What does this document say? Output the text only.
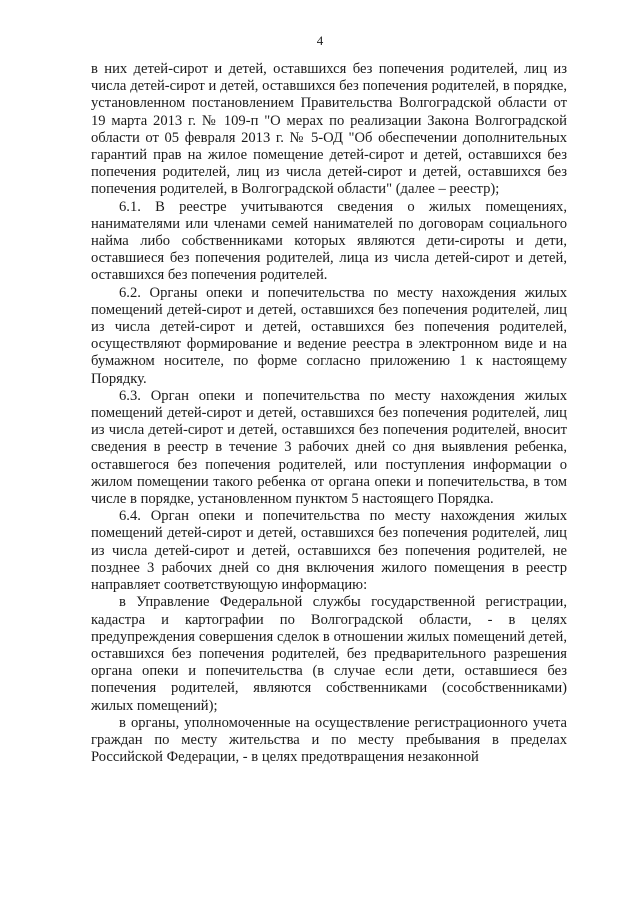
4

в них детей-сирот и детей, оставшихся без попечения родителей, лиц из числа детей-сирот и детей, оставшихся без попечения родителей, в порядке, установленном постановлением Правительства Волгоградской области от 19 марта 2013 г. № 109-п "О мерах по реализации Закона Волгоградской области от 05 февраля 2013 г. № 5-ОД "Об обеспечении дополнительных гарантий прав на жилое помещение детей-сирот и детей, оставшихся без попечения родителей, лиц из числа детей-сирот и детей, оставшихся без попечения родителей, в Волгоградской области" (далее – реестр);

6.1. В реестре учитываются сведения о жилых помещениях, нанимателями или членами семей нанимателей по договорам социального найма либо собственниками которых являются дети-сироты и дети, оставшиеся без попечения родителей, лица из числа детей-сирот и детей, оставшихся без попечения родителей.

6.2. Органы опеки и попечительства по месту нахождения жилых помещений детей-сирот и детей, оставшихся без попечения родителей, лиц из числа детей-сирот и детей, оставшихся без попечения родителей, осуществляют формирование и ведение реестра в электронном виде и на бумажном носителе, по форме согласно приложению 1 к настоящему Порядку.

6.3. Орган опеки и попечительства по месту нахождения жилых помещений детей-сирот и детей, оставшихся без попечения родителей, лиц из числа детей-сирот и детей, оставшихся без попечения родителей, вносит сведения в реестр в течение 3 рабочих дней со дня выявления ребенка, оставшегося без попечения родителей, или поступления информации о жилом помещении такого ребенка от органа опеки и попечительства, в том числе в порядке, установленном пунктом 5 настоящего Порядка.

6.4. Орган опеки и попечительства по месту нахождения жилых помещений детей-сирот и детей, оставшихся без попечения родителей, лиц из числа детей-сирот и детей, оставшихся без попечения родителей, не позднее 3 рабочих дней со дня включения жилого помещения в реестр направляет соответствующую информацию:

в Управление Федеральной службы государственной регистрации, кадастра и картографии по Волгоградской области, - в целях предупреждения совершения сделок в отношении жилых помещений детей, оставшихся без попечения родителей, без предварительного разрешения органа опеки и попечительства (в случае если дети, оставшиеся без попечения родителей, являются собственниками (сособственниками) жилых помещений);

в органы, уполномоченные на осуществление регистрационного учета граждан по месту жительства и по месту пребывания в пределах Российской Федерации, - в целях предотвращения незаконной
